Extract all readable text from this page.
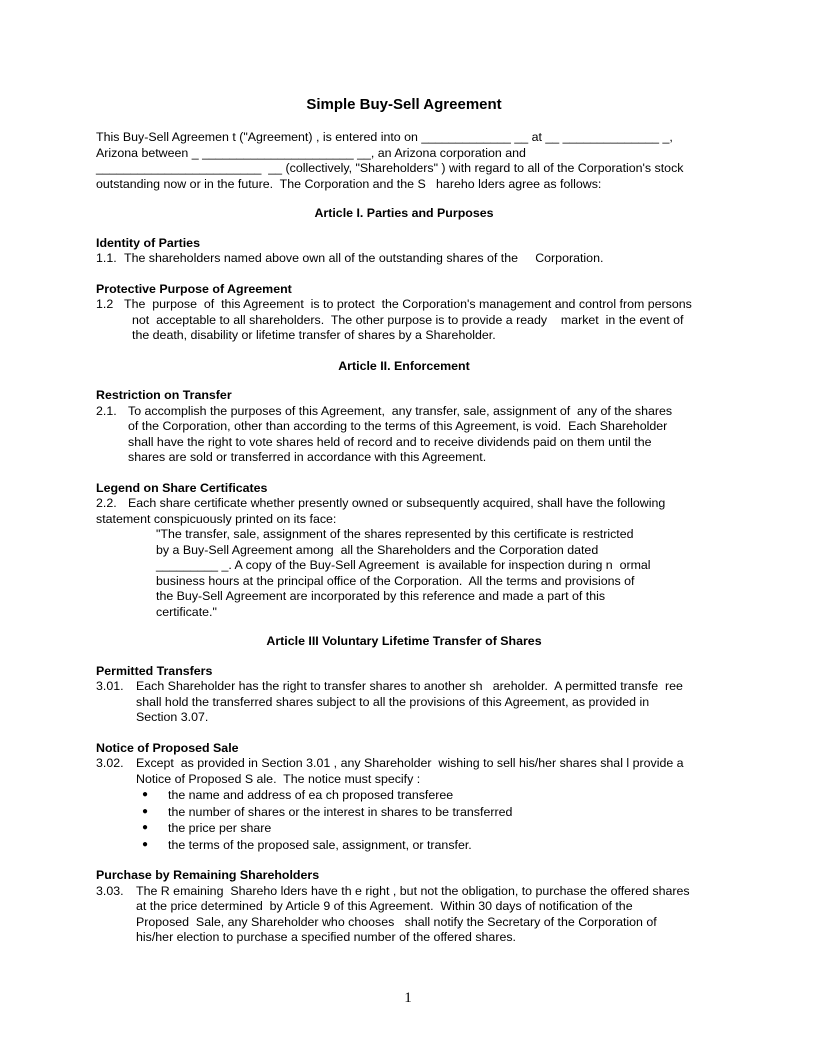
Simple Buy-Sell Agreement

This Buy-Sell Agreemen t ("Agreement) , is entered into on _____________ __ at __ ______________ _,

Arizona between _ ______________________ __, an Arizona corporation and

________________________  __ (collectively, "Shareholders" ) with regard to all of the Corporation's stock

outstanding now or in the future.  The Corporation and the S   hareho lders agree as follows:

Article I. Parties and Purposes
Identity of Parties
1.1. The shareholders named above own all of the outstanding shares of the     Corporation.

Protective Purpose of Agreement
1.2 The  purpose  of  this Agreement  is to protect  the Corporation's management and control from persons

not  acceptable to all shareholders.  The other purpose is to provide a ready    market  in the event of

the death, disability or lifetime transfer of shares by a Shareholder.

Article II. Enforcement
Restriction on Transfer
2.1. To accomplish the purposes of this Agreement,  any transfer, sale, assignment of  any of the shares

of the Corporation, other than according to the terms of this Agreement, is void.  Each Shareholder

shall have the right to vote shares held of record and to receive dividends paid on them until the

shares are sold or transferred in accordance with this Agreement.

Legend on Share Certificates
2.2. Each share certificate whether presently owned or subsequently acquired, shall have the following

statement conspicuously printed on its face:

"The transfer, sale, assignment of the shares represented by this certificate is restricted

by a Buy-Sell Agreement among  all the Shareholders and the Corporation dated

_________ _. A copy of the Buy-Sell Agreement  is available for inspection during n  ormal

business hours at the principal office of the Corporation.  All the terms and provisions of

the Buy-Sell Agreement are incorporated by this reference and made a part of this

certificate."

Article III Voluntary Lifetime Transfer of Shares
Permitted Transfers
3.01.	Each Shareholder has the right to transfer shares to another sh   areholder.  A permitted transfe  ree

shall hold the transferred shares subject to all the provisions of this Agreement, as provided in

Section 3.07.

Notice of Proposed Sale
3.02.	Except  as provided in Section 3.01 , any Shareholder  wishing to sell his/her shares shal l provide a

Notice of Proposed S ale.  The notice must specify :

●	the name and address of ea ch proposed transferee
●	the number of shares or the interest in shares to be transferred
●	the price per share
●	the terms of the proposed sale, assignment, or transfer.
Purchase by Remaining Shareholders
3.03.	The R emaining  Shareho lders have th e right , but not the obligation, to purchase the offered shares

at the price determined  by Article 9 of this Agreement.  Within 30 days of notification of the

Proposed  Sale, any Shareholder who chooses   shall notify the Secretary of the Corporation of

his/her election to purchase a specified number of the offered shares.

1
